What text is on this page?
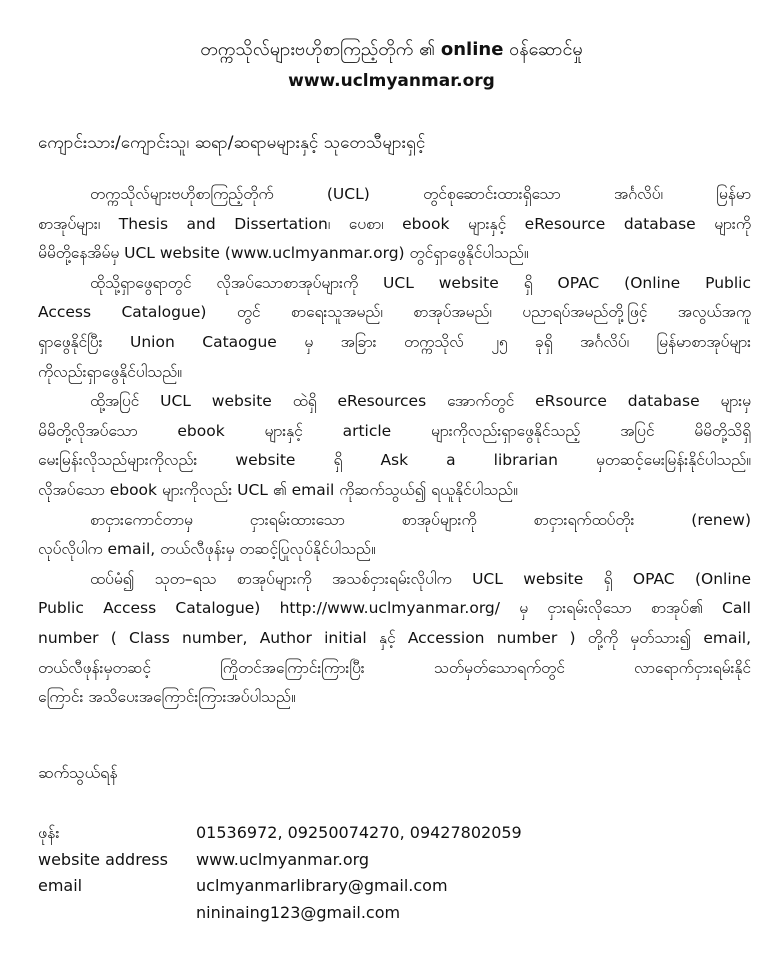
တက္ကသိုလ်များဗဟိုစာကြည့်တိုက် ၏ online ဝန်ဆောင်မှု
www.uclmyanmar.org
ကျောင်းသား/ကျောင်းသူ၊ ဆရာ/ဆရာမများနှင့် သုတေသီများရှင့်
တက္ကသိုလ်များဗဟိုစာကြည့်တိုက် (UCL) တွင်စုဆောင်းထားရှိသော အင်္ဂလိပ်၊ မြန်မာ
စာအုပ်များ၊ Thesis and Dissertation၊ ပေစာ၊ ebook များနှင့် eResource database များကို
မိမိတို့နေအိမ်မှ UCL website (www.uclmyanmar.org) တွင်ရှာဖွေနိုင်ပါသည်။
ထိုသို့ရှာဖွေရာတွင် လိုအပ်သောစာအုပ်များကို UCL website ရှိ OPAC (Online Public
Access Catalogue) တွင် စာရေးသူအမည်၊ စာအုပ်အမည်၊ ပညာရပ်အမည်တို့ဖြင့် အလွယ်အကူ
ရှာဖွေနိုင်ပြီး Union Cataogue မှ အခြား တက္ကသိုလ် ၂၅ ခုရှိ အင်္ဂလိပ်၊ မြန်မာစာအုပ်များ
ကိုလည်းရှာဖွေနိုင်ပါသည်။
ထို့အပြင် UCL website ထဲရှိ eResources အောက်တွင် eRsource database များမှ
မိမိတို့လိုအပ်သော ebook များနှင့် article များကိုလည်းရှာဖွေနိုင်သည့် အပြင် မိမိတို့သိရှိ
မေးမြန်းလိုသည်များကိုလည်း website ရှိ Ask a librarian မှတဆင့်မေးမြန်းနိုင်ပါသည်။
လိုအပ်သော ebook များကိုလည်း UCL ၏ email ကိုဆက်သွယ်၍ ရယူနိုင်ပါသည်။
စာငှားကောင်တာမှ ငှားရမ်းထားသော စာအုပ်များကို စာငှားရက်ထပ်တိုး (renew)
လုပ်လိုပါက email, တယ်လီဖုန်းမှ တဆင့်ပြုလုပ်နိုင်ပါသည်။
ထပ်မံ၍ သုတ–ရသ စာအုပ်များကို အသစ်ငှားရမ်းလိုပါက UCL website ရှိ OPAC (Online
Public Access Catalogue) http://www.uclmyanmar.org/ မှ ငှားရမ်းလိုသော စာအုပ်၏ Call
number ( Class number, Author initial နှင့် Accession number ) တို့ကို မှတ်သား၍ email,
တယ်လီဖုန်းမှတဆင့် ကြိုတင်အကြောင်းကြားပြီး သတ်မှတ်သောရက်တွင် လာရောက်ငှားရမ်းနိုင်
ကြောင်း အသိပေးအကြောင်းကြားအပ်ပါသည်။
ဆက်သွယ်ရန်
ဖုန်း	01536972, 09250074270, 09427802059
website address	www.uclmyanmar.org
email	uclmyanmarlibrary@gmail.com
nininaing123@gmail.com
